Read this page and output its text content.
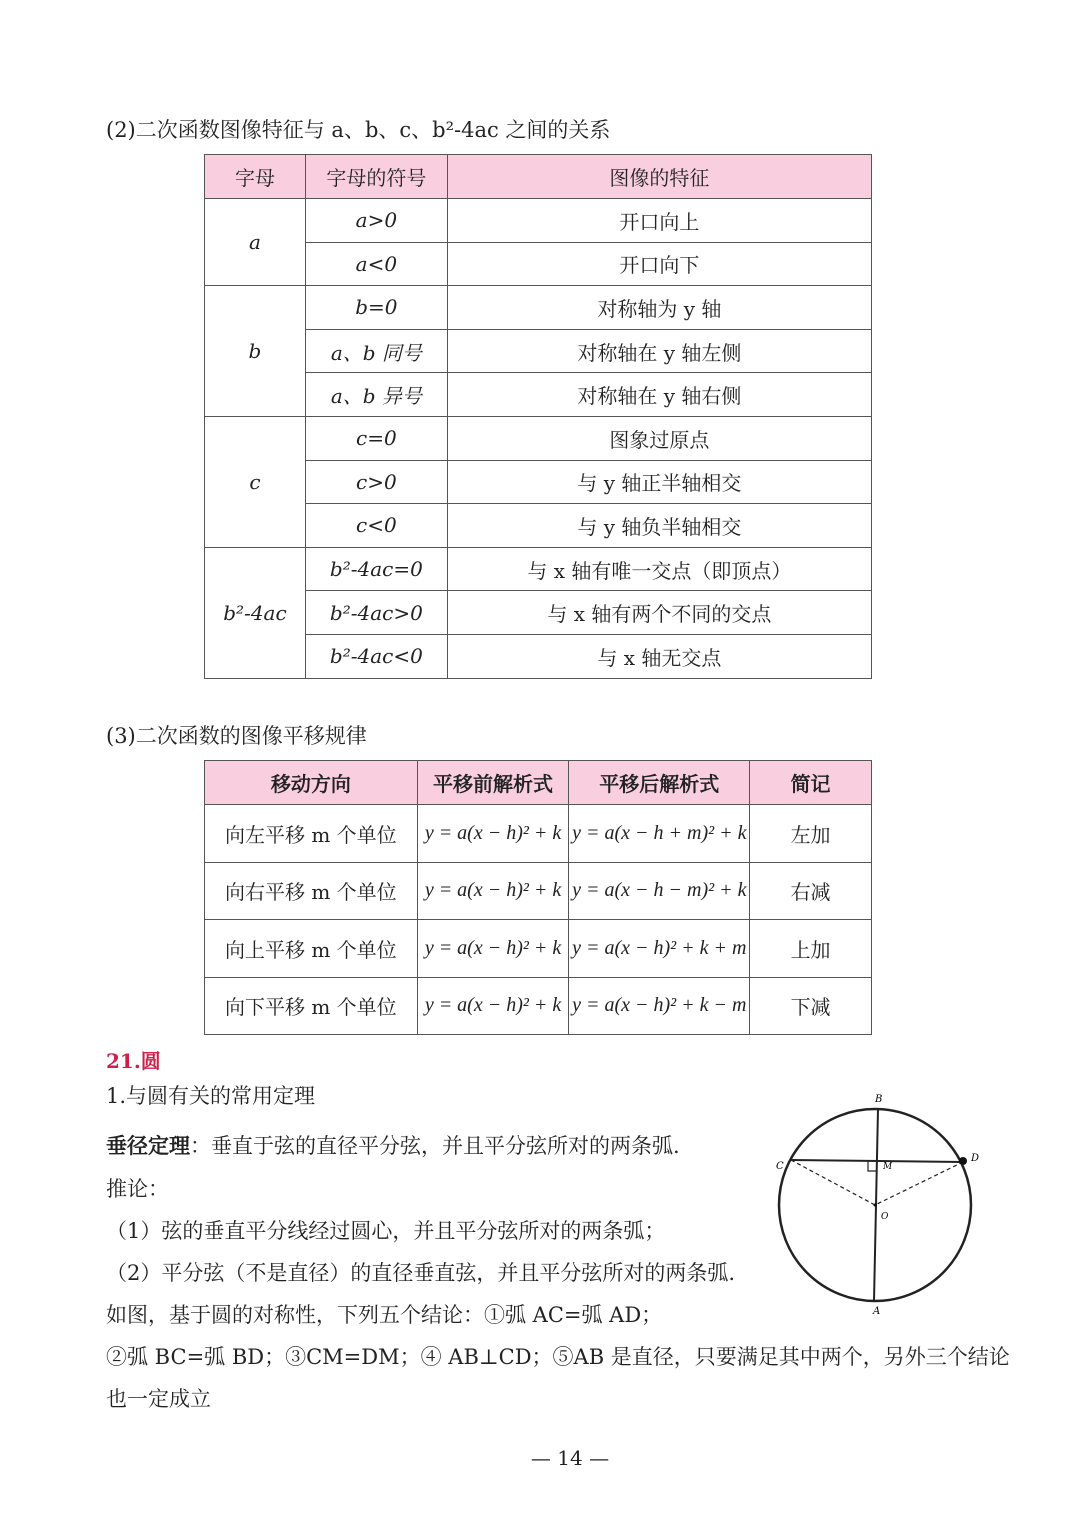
(2)二次函数图像特征与 a、b、c、b²-4ac 之间的关系
字母	字母的符号	图像的特征
a	a>0	开口向上
	a<0	开口向下
b	b=0	对称轴为 y 轴
	a、b 同号	对称轴在 y 轴左侧
	a、b 异号	对称轴在 y 轴右侧
c	c=0	图象过原点
	c>0	与 y 轴正半轴相交
	c<0	与 y 轴负半轴相交
b²-4ac	b²-4ac=0	与 x 轴有唯一交点（即顶点）
	b²-4ac>0	与 x 轴有两个不同的交点
	b²-4ac<0	与 x 轴无交点
(3)二次函数的图像平移规律
移动方向	平移前解析式	平移后解析式	简记
向左平移 m 个单位	y = a(x − h)² + k	y = a(x − h + m)² + k	左加
向右平移 m 个单位	y = a(x − h)² + k	y = a(x − h − m)² + k	右减
向上平移 m 个单位	y = a(x − h)² + k	y = a(x − h)² + k + m	上加
向下平移 m 个单位	y = a(x − h)² + k	y = a(x − h)² + k − m	下减
21.圆
1.与圆有关的常用定理
垂径定理：垂直于弦的直径平分弦，并且平分弦所对的两条弧.
推论：
（1）弦的垂直平分线经过圆心，并且平分弦所对的两条弧；
（2）平分弦（不是直径）的直径垂直弦，并且平分弦所对的两条弧.
如图，基于圆的对称性，下列五个结论：①弧 AC=弧 AD；
②弧 BC=弧 BD；③CM=DM；④ AB⊥CD；⑤AB 是直径，只要满足其中两个，另外三个结论
也一定成立
B
A
C
D
M
O
— 14 —
